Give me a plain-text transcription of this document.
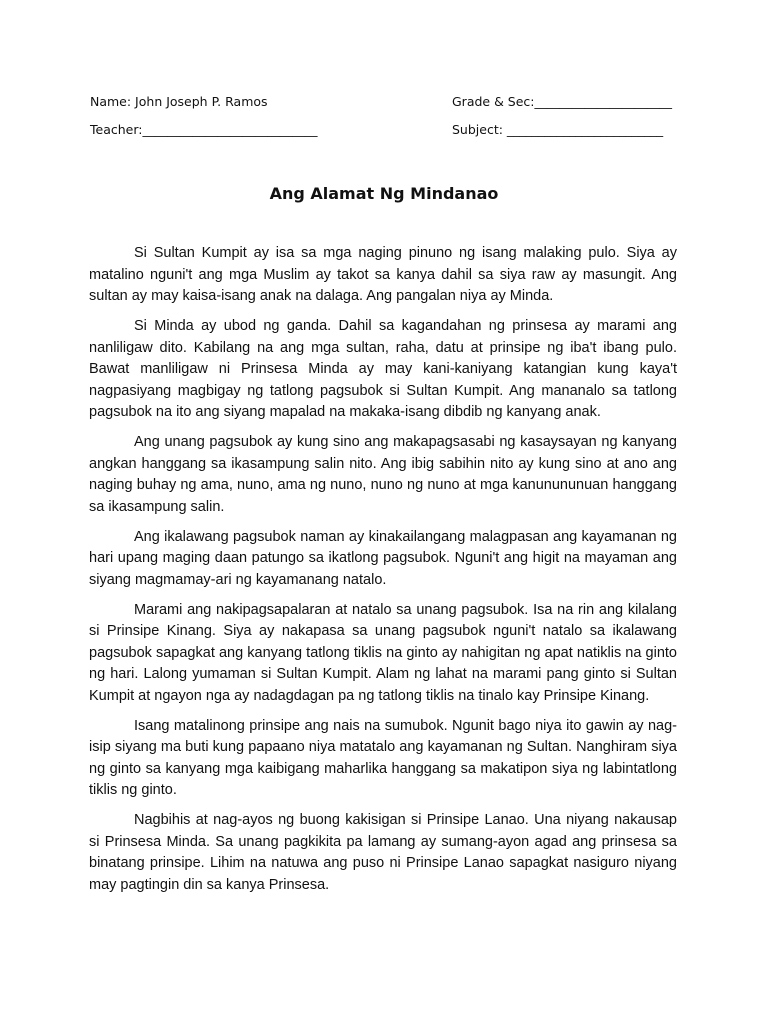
Name: John Joseph P. Ramos	Grade & Sec:______________________
Teacher:____________________________	Subject: _________________________
Ang Alamat Ng Mindanao

Si Sultan Kumpit ay isa sa mga naging pinuno ng isang malaking pulo. Siya ay matalino nguni't ang mga Muslim ay takot sa kanya dahil sa siya raw ay masungit. Ang sultan ay may kaisa-isang anak na dalaga. Ang pangalan niya ay Minda.

Si Minda ay ubod ng ganda. Dahil sa kagandahan ng prinsesa ay marami ang nanliligaw dito. Kabilang na ang mga sultan, raha, datu at prinsipe ng iba't ibang pulo. Bawat manliligaw ni Prinsesa Minda ay may kani-kaniyang katangian kung kaya't nagpasiyang magbigay ng tatlong pagsubok si Sultan Kumpit. Ang mananalo sa tatlong pagsubok na ito ang siyang mapalad na makaka-isang dibdib ng kanyang anak.

Ang unang pagsubok ay kung sino ang makapagsasabi ng kasaysayan ng kanyang angkan hanggang sa ikasampung salin nito. Ang ibig sabihin nito ay kung sino at ano ang naging buhay ng ama, nuno, ama ng nuno, nuno ng nuno at mga kanunununuan hanggang sa ikasampung salin.

Ang ikalawang pagsubok naman ay kinakailangang malagpasan ang kayamanan ng hari upang maging daan patungo sa ikatlong pagsubok. Nguni't ang higit na mayaman ang siyang magmamay-ari ng kayamanang natalo.

Marami ang nakipagsapalaran at natalo sa unang pagsubok. Isa na rin ang kilalang si Prinsipe Kinang. Siya ay nakapasa sa unang pagsubok nguni't natalo sa ikalawang pagsubok sapagkat ang kanyang tatlong tiklis na ginto ay nahigitan ng apat natiklis na ginto ng hari. Lalong yumaman si Sultan Kumpit. Alam ng lahat na marami pang ginto si Sultan Kumpit at ngayon nga ay nadagdagan pa ng tatlong tiklis na tinalo kay Prinsipe Kinang.

Isang matalinong prinsipe ang nais na sumubok. Ngunit bago niya ito gawin ay nag-isip siyang ma buti kung papaano niya matatalo ang kayamanan ng Sultan. Nanghiram siya ng ginto sa kanyang mga kaibigang maharlika hanggang sa makatipon siya ng labintatlong tiklis ng ginto.

Nagbihis at nag-ayos ng buong kakisigan si Prinsipe Lanao. Una niyang nakausap si Prinsesa Minda. Sa unang pagkikita pa lamang ay sumang-ayon agad ang prinsesa sa binatang prinsipe. Lihim na natuwa ang puso ni Prinsipe Lanao sapagkat nasiguro niyang may pagtingin din sa kanya Prinsesa.
